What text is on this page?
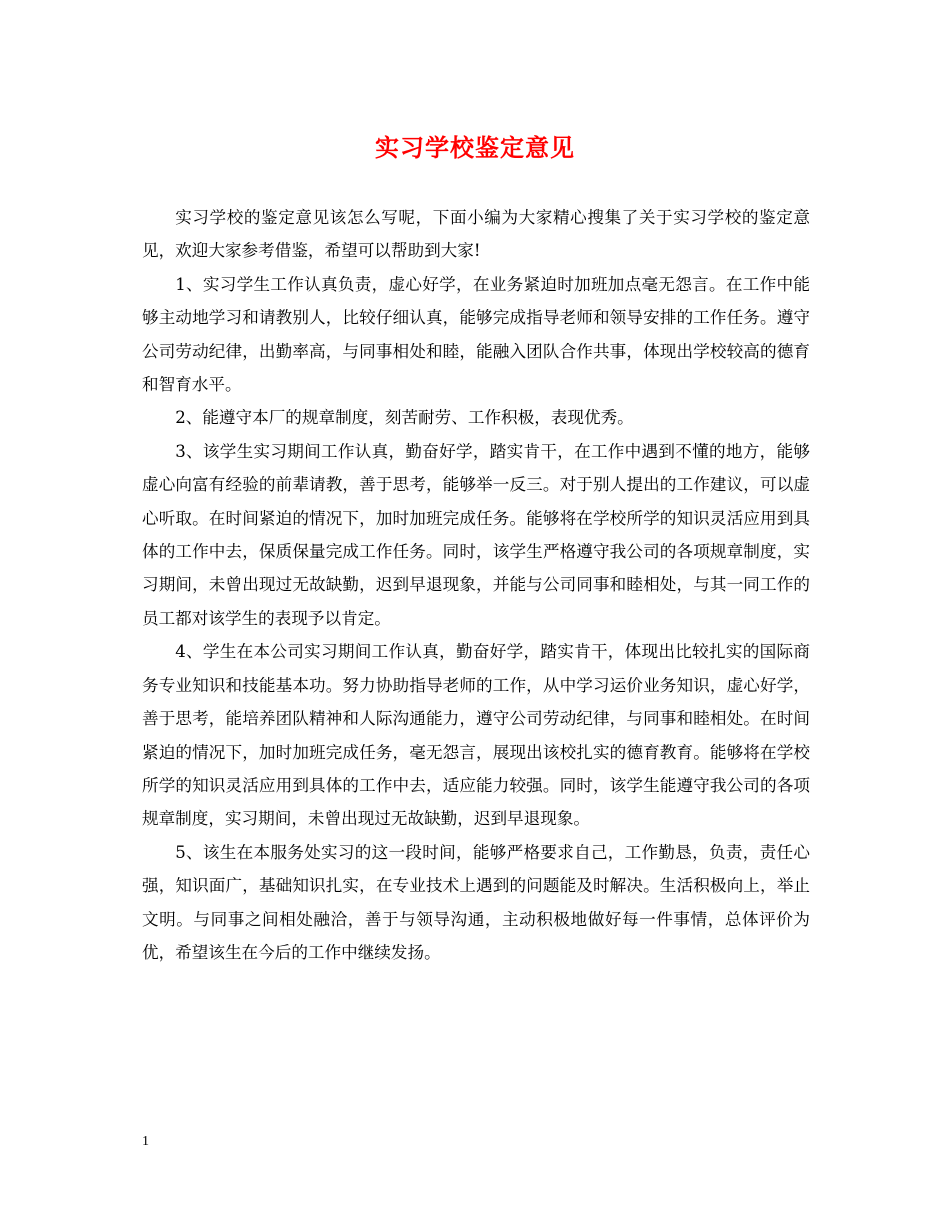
实习学校鉴定意见

实习学校的鉴定意见该怎么写呢，下面小编为大家精心搜集了关于实习学校的鉴定意见，欢迎大家参考借鉴，希望可以帮助到大家!

1、实习学生工作认真负责，虚心好学，在业务紧迫时加班加点毫无怨言。在工作中能够主动地学习和请教别人，比较仔细认真，能够完成指导老师和领导安排的工作任务。遵守公司劳动纪律，出勤率高，与同事相处和睦，能融入团队合作共事，体现出学校较高的德育和智育水平。

2、能遵守本厂的规章制度，刻苦耐劳、工作积极，表现优秀。

3、该学生实习期间工作认真，勤奋好学，踏实肯干，在工作中遇到不懂的地方，能够虚心向富有经验的前辈请教，善于思考，能够举一反三。对于别人提出的工作建议，可以虚心听取。在时间紧迫的情况下，加时加班完成任务。能够将在学校所学的知识灵活应用到具体的工作中去，保质保量完成工作任务。同时，该学生严格遵守我公司的各项规章制度，实习期间，未曾出现过无故缺勤，迟到早退现象，并能与公司同事和睦相处，与其一同工作的员工都对该学生的表现予以肯定。

4、学生在本公司实习期间工作认真，勤奋好学，踏实肯干，体现出比较扎实的国际商务专业知识和技能基本功。努力协助指导老师的工作，从中学习运价业务知识，虚心好学，善于思考，能培养团队精神和人际沟通能力，遵守公司劳动纪律，与同事和睦相处。在时间紧迫的情况下，加时加班完成任务，毫无怨言，展现出该校扎实的德育教育。能够将在学校所学的知识灵活应用到具体的工作中去，适应能力较强。同时，该学生能遵守我公司的各项规章制度，实习期间，未曾出现过无故缺勤，迟到早退现象。

5、该生在本服务处实习的这一段时间，能够严格要求自己，工作勤恳，负责，责任心强，知识面广，基础知识扎实，在专业技术上遇到的问题能及时解决。生活积极向上，举止文明。与同事之间相处融洽，善于与领导沟通，主动积极地做好每一件事情，总体评价为优，希望该生在今后的工作中继续发扬。

1
